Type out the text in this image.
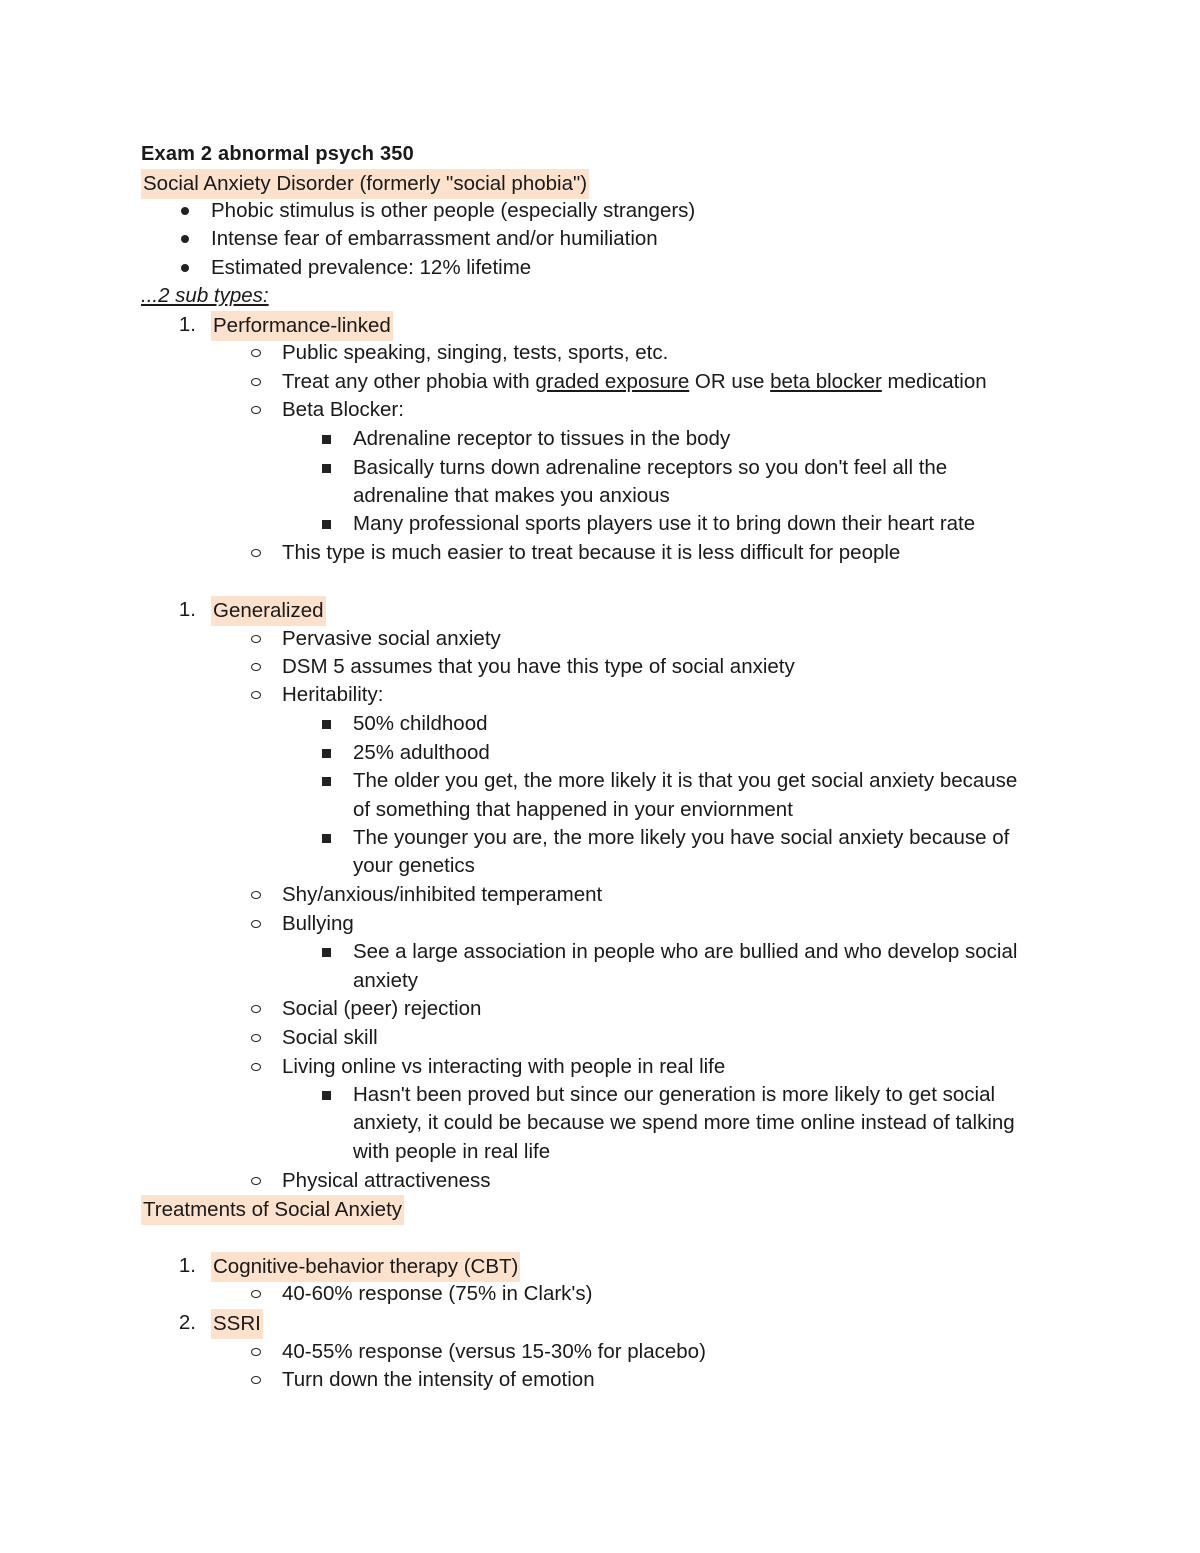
Exam 2 abnormal psych 350
Social Anxiety Disorder (formerly "social phobia")
Phobic stimulus is other people (especially strangers)
Intense fear of embarrassment and/or humiliation
Estimated prevalence: 12% lifetime
...2 sub types:
1. Performance-linked
Public speaking, singing, tests, sports, etc.
Treat any other phobia with graded exposure OR use beta blocker medication
Beta Blocker:
Adrenaline receptor to tissues in the body
Basically turns down adrenaline receptors so you don't feel all the
adrenaline that makes you anxious
Many professional sports players use it to bring down their heart rate
This type is much easier to treat because it is less difficult for people
1. Generalized
Pervasive social anxiety
DSM 5 assumes that you have this type of social anxiety
Heritability:
50% childhood
25% adulthood
The older you get, the more likely it is that you get social anxiety because
of something that happened in your enviornment
The younger you are, the more likely you have social anxiety because of
your genetics
Shy/anxious/inhibited temperament
Bullying
See a large association in people who are bullied and who develop social
anxiety
Social (peer) rejection
Social skill
Living online vs interacting with people in real life
Hasn't been proved but since our generation is more likely to get social
anxiety, it could be because we spend more time online instead of talking
with people in real life
Physical attractiveness
Treatments of Social Anxiety
1. Cognitive-behavior therapy (CBT)
40-60% response (75% in Clark's)
2. SSRI
40-55% response (versus 15-30% for placebo)
Turn down the intensity of emotion
